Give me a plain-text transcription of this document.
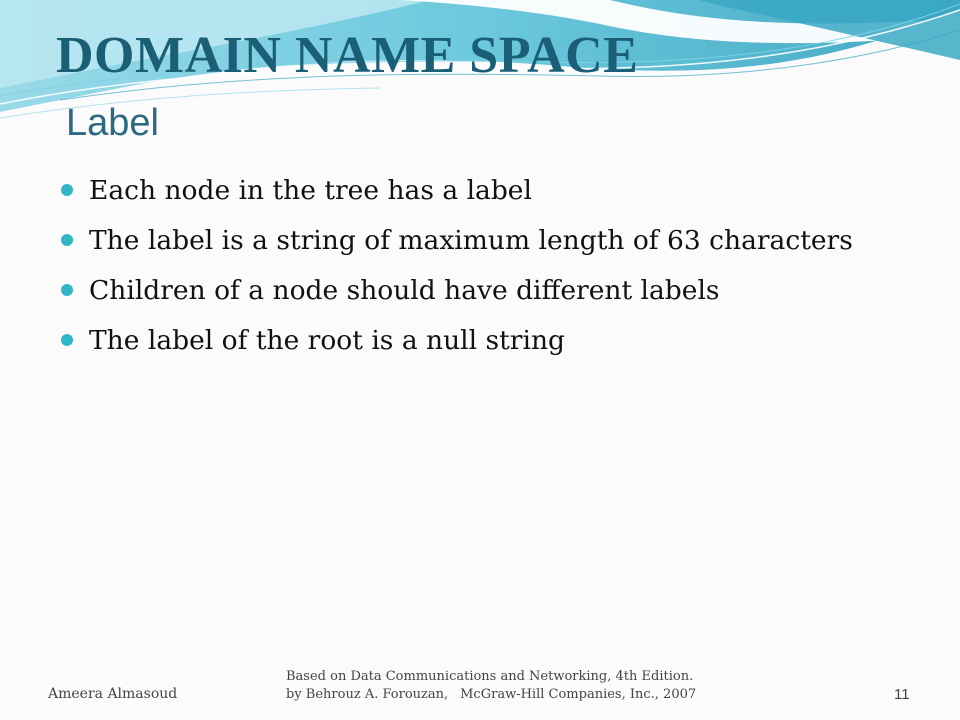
DOMAIN NAME SPACE
Label
Each node in the tree has a label
The label is a string of maximum length of 63 characters
Children of a node should have different labels
The label of the root is a null string
Ameera Almasoud
Based on Data Communications and Networking, 4th Edition.
by Behrouz A. Forouzan, McGraw-Hill Companies, Inc., 2007	11
